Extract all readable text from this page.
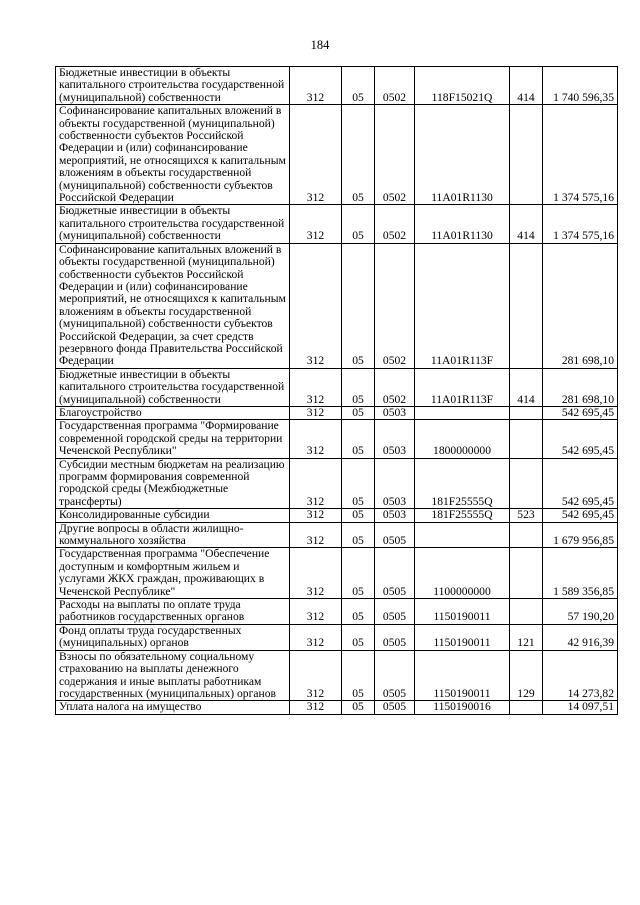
184
Бюджетные инвестиции в объекты капитального строительства государственной (муниципальной) собственности	312	05	0502	118F15021Q	414	1 740 596,35
Софинансирование капитальных вложений в объекты государственной (муниципальной) собственности субъектов Российской Федерации и (или) софинансирование мероприятий, не относящихся к капитальным вложениям в объекты государственной (муниципальной) собственности субъектов Российской Федерации	312	05	0502	11A01R1130		1 374 575,16
Бюджетные инвестиции в объекты капитального строительства государственной (муниципальной) собственности	312	05	0502	11A01R1130	414	1 374 575,16
Софинансирование капитальных вложений в объекты государственной (муниципальной) собственности субъектов Российской Федерации и (или) софинансирование мероприятий, не относящихся к капитальным вложениям в объекты государственной (муниципальной) собственности субъектов Российской Федерации, за счет средств резервного фонда Правительства Российской Федерации	312	05	0502	11A01R113F		281 698,10
Бюджетные инвестиции в объекты капитального строительства государственной (муниципальной) собственности	312	05	0502	11A01R113F	414	281 698,10
Благоустройство	312	05	0503			542 695,45
Государственная программа "Формирование современной городской среды на территории Чеченской Республики"	312	05	0503	1800000000		542 695,45
Субсидии местным бюджетам на реализацию программ формирования современной городской среды (Межбюджетные трансферты)	312	05	0503	181F25555Q		542 695,45
Консолидированные субсидии	312	05	0503	181F25555Q	523	542 695,45
Другие вопросы в области жилищно-коммунального хозяйства	312	05	0505			1 679 956,85
Государственная программа "Обеспечение доступным и комфортным жильем и услугами ЖКХ граждан, проживающих в Чеченской Республике"	312	05	0505	1100000000		1 589 356,85
Расходы на выплаты по оплате труда работников государственных органов	312	05	0505	1150190011		57 190,20
Фонд оплаты труда государственных (муниципальных) органов	312	05	0505	1150190011	121	42 916,39
Взносы по обязательному социальному страхованию на выплаты денежного содержания и иные выплаты работникам государственных (муниципальных) органов	312	05	0505	1150190011	129	14 273,82
Уплата налога на имущество	312	05	0505	1150190016		14 097,51
